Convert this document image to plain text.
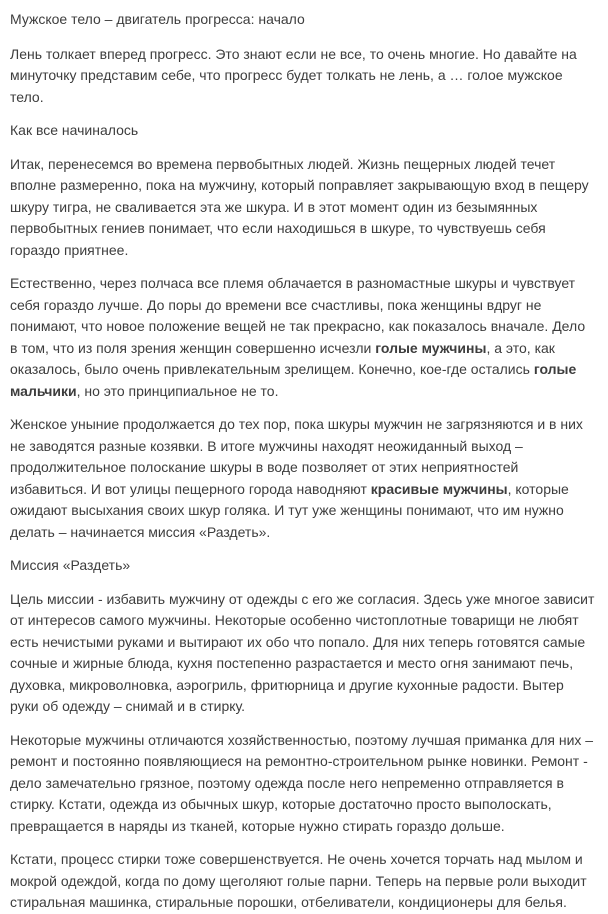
Мужское тело – двигатель прогресса: начало
Лень толкает вперед прогресс. Это знают если не все, то очень многие. Но давайте на минуточку представим себе, что прогресс будет толкать не лень, а … голое мужское тело.
Как все начиналось
Итак, перенесемся во времена первобытных людей. Жизнь пещерных людей течет вполне размеренно, пока на мужчину, который поправляет закрывающую вход в пещеру шкуру тигра, не сваливается эта же шкура. И в этот момент один из безымянных первобытных гениев понимает, что если находишься в шкуре, то чувствуешь себя гораздо приятнее.
Естественно, через полчаса все племя облачается в разномастные шкуры и чувствует себя гораздо лучше. До поры до времени все счастливы, пока женщины вдруг не понимают, что новое положение вещей не так прекрасно, как показалось вначале. Дело в том, что из поля зрения женщин совершенно исчезли голые мужчины, а это, как оказалось, было очень привлекательным зрелищем. Конечно, кое-где остались голые мальчики, но это принципиальное не то.
Женское уныние продолжается до тех пор, пока шкуры мужчин не загрязняются и в них не заводятся разные козявки. В итоге мужчины находят неожиданный выход – продолжительное полоскание шкуры в воде позволяет от этих неприятностей избавиться. И вот улицы пещерного города наводняют красивые мужчины, которые ожидают высыхания своих шкур голяка. И тут уже женщины понимают, что им нужно делать – начинается миссия «Раздеть».
Миссия «Раздеть»
Цель миссии - избавить мужчину от одежды с его же согласия. Здесь уже многое зависит от интересов самого мужчины. Некоторые особенно чистоплотные товарищи не любят есть нечистыми руками и вытирают их обо что попало. Для них теперь готовятся самые сочные и жирные блюда, кухня постепенно разрастается и место огня занимают печь, духовка, микроволновка, аэрогриль, фритюрница и другие кухонные радости. Вытер руки об одежду – снимай и в стирку.
Некоторые мужчины отличаются хозяйственностью, поэтому лучшая приманка для них – ремонт и постоянно появляющиеся на ремонтно-строительном рынке новинки. Ремонт - дело замечательно грязное, поэтому одежда после него непременно отправляется в стирку. Кстати, одежда из обычных шкур, которые достаточно просто выполоскать, превращается в наряды из тканей, которые нужно стирать гораздо дольше.
Кстати, процесс стирки тоже совершенствуется. Не очень хочется торчать над мылом и мокрой одеждой, когда по дому щеголяют голые парни. Теперь на первые роли выходит стиральная машинка, стиральные порошки, отбеливатели, кондиционеры для белья.
